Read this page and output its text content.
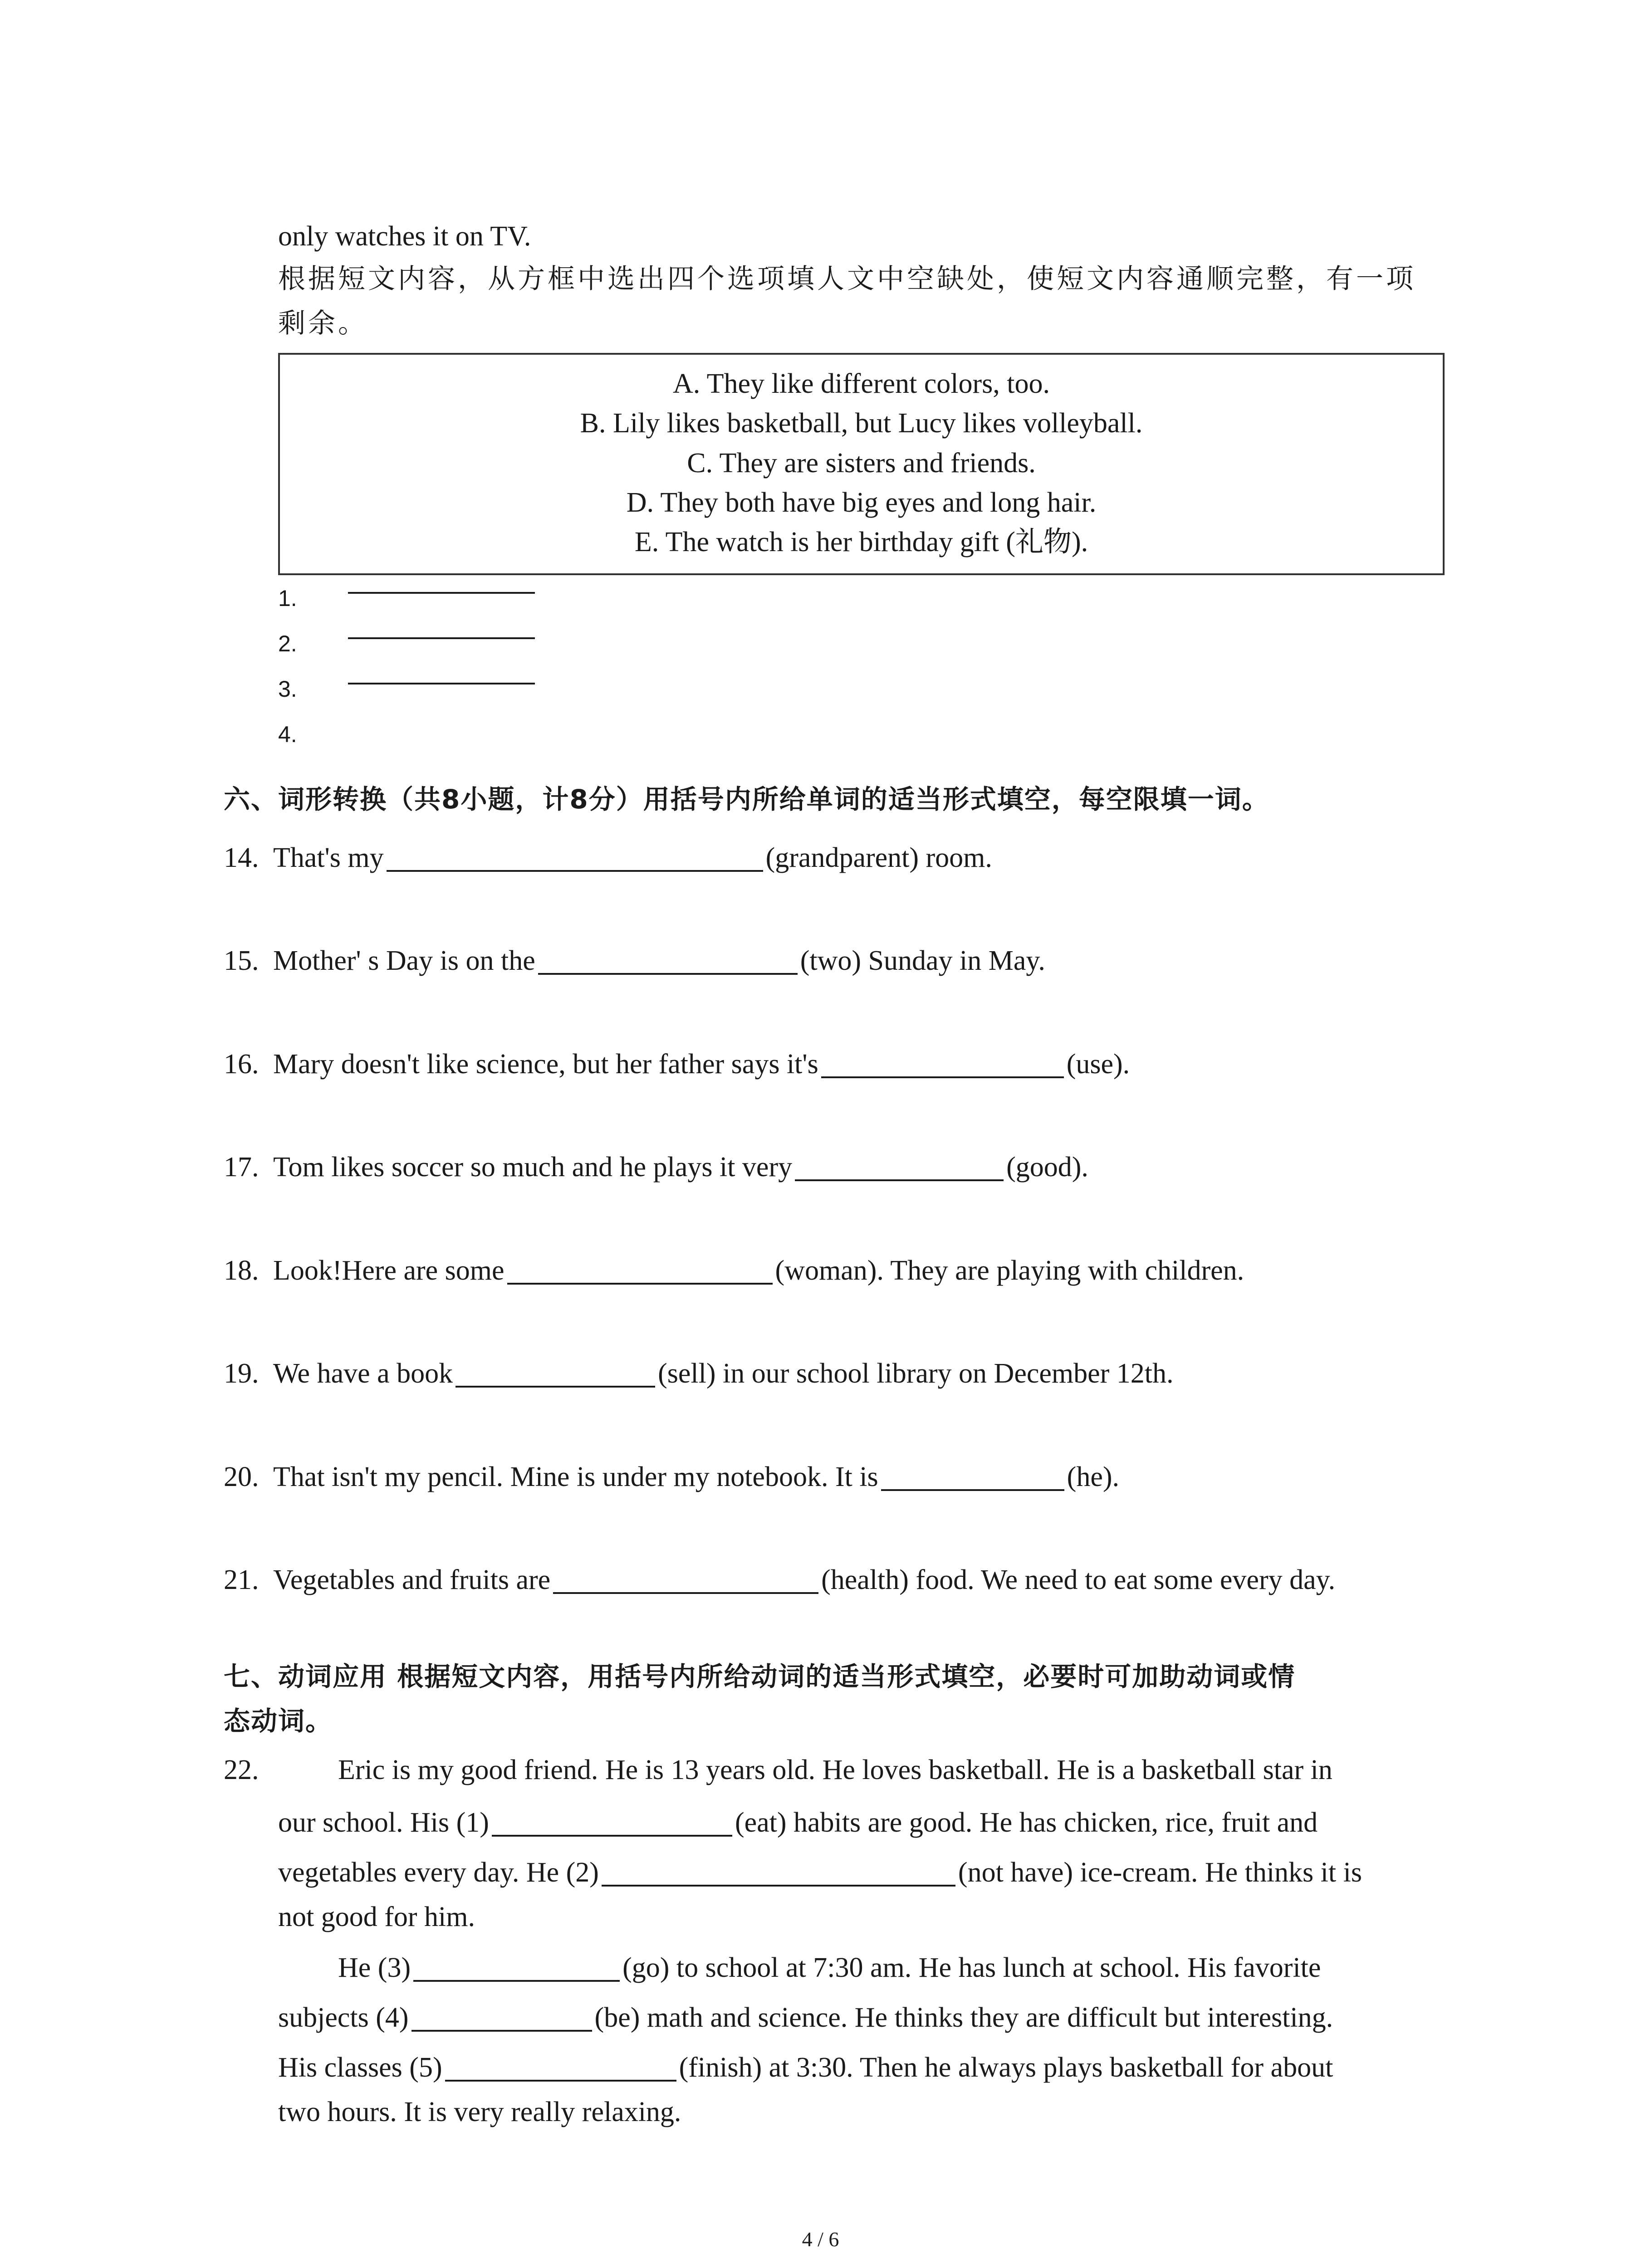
only watches it on TV.
根据短文内容，从方框中选出四个选项填人文中空缺处，使短文内容通顺完整，有一项
剩余。
A. They like different colors, too.
B. Lily likes basketball, but Lucy likes volleyball.
C. They are sisters and friends.
D. They both have big eyes and long hair.
E. The watch is her birthday gift (礼物).
1.
2.
3.
4.
六、词形转换（共8小题，计8分）用括号内所给单词的适当形式填空，每空限填一词。
14. That's my	(grandparent) room.
15. Mother' s Day is on the	(two) Sunday in May.
16. Mary doesn't like science, but her father says it's	(use).
17. Tom likes soccer so much and he plays it very	(good).
18. Look!Here are some	(woman). They are playing with children.
19. We have a book	(sell) in our school library on December 12th.
20. That isn't my pencil. Mine is under my notebook. It is	(he).
21. Vegetables and fruits are	(health) food. We need to eat some every day.
七、动词应用 根据短文内容，用括号内所给动词的适当形式填空，必要时可加助动词或情
态动词。
22.	Eric is my good friend. He is 13 years old. He loves basketball. He is a basketball star in
our school. His (1)	(eat) habits are good. He has chicken, rice, fruit and
vegetables every day. He (2)	(not have) ice-cream. He thinks it is
not good for him.
He (3)	(go) to school at 7:30 am. He has lunch at school. His favorite
subjects (4)	(be) math and science. He thinks they are difficult but interesting.
His classes (5)	(finish) at 3:30. Then he always plays basketball for about
two hours. It is very really relaxing.
4 / 6
